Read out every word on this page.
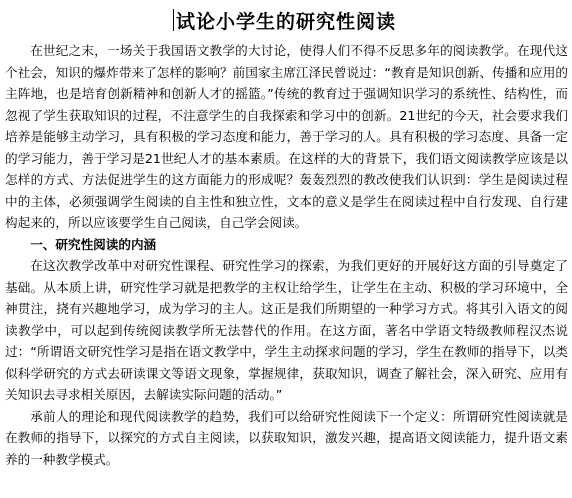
试论小学生的研究性阅读

在世纪之末，一场关于我国语文教学的大讨论，使得人们不得不反思多年的阅读教学。在现代这个社会，知识的爆炸带来了怎样的影响？前国家主席江泽民曾说过：“教育是知识创新、传播和应用的主阵地，也是培育创新精神和创新人才的摇篮。”传统的教育过于强调知识学习的系统性、结构性，而忽视了学生获取知识的过程，不注意学生的自我探索和学习中的创新。21世纪的今天，社会要求我们培养是能够主动学习，具有积极的学习态度和能力，善于学习的人。具有积极的学习态度、具备一定的学习能力，善于学习是21世纪人才的基本素质。在这样的大的背景下，我们语文阅读教学应该是以怎样的方式、方法促进学生的这方面能力的形成呢？轰轰烈烈的教改使我们认识到：学生是阅读过程中的主体，必须强调学生阅读的自主性和独立性，文本的意义是学生在阅读过程中自行发现、自行建构起来的，所以应该要学生自己阅读，自己学会阅读。

一、研究性阅读的内涵

在这次教学改革中对研究性课程、研究性学习的探索，为我们更好的开展好这方面的引导奠定了基础。从本质上讲，研究性学习就是把教学的主权让给学生，让学生在主动、积极的学习环境中，全神贯注，挠有兴趣地学习，成为学习的主人。这正是我们所期望的一种学习方式。将其引入语文的阅读教学中，可以起到传统阅读教学所无法替代的作用。在这方面，著名中学语文特级教师程汉杰说过：“所谓语文研究性学习是指在语文教学中，学生主动探求问题的学习，学生在教师的指导下，以类似科学研究的方式去研读课文等语文现象，掌握规律，获取知识，调查了解社会，深入研究、应用有关知识去寻求相关原因，去解读实际问题的活动。”

承前人的理论和现代阅读教学的趋势，我们可以给研究性阅读下一个定义：所谓研究性阅读就是在教师的指导下，以探究的方式自主阅读，以获取知识，激发兴趣，提高语文阅读能力，提升语文素养的一种教学模式。
